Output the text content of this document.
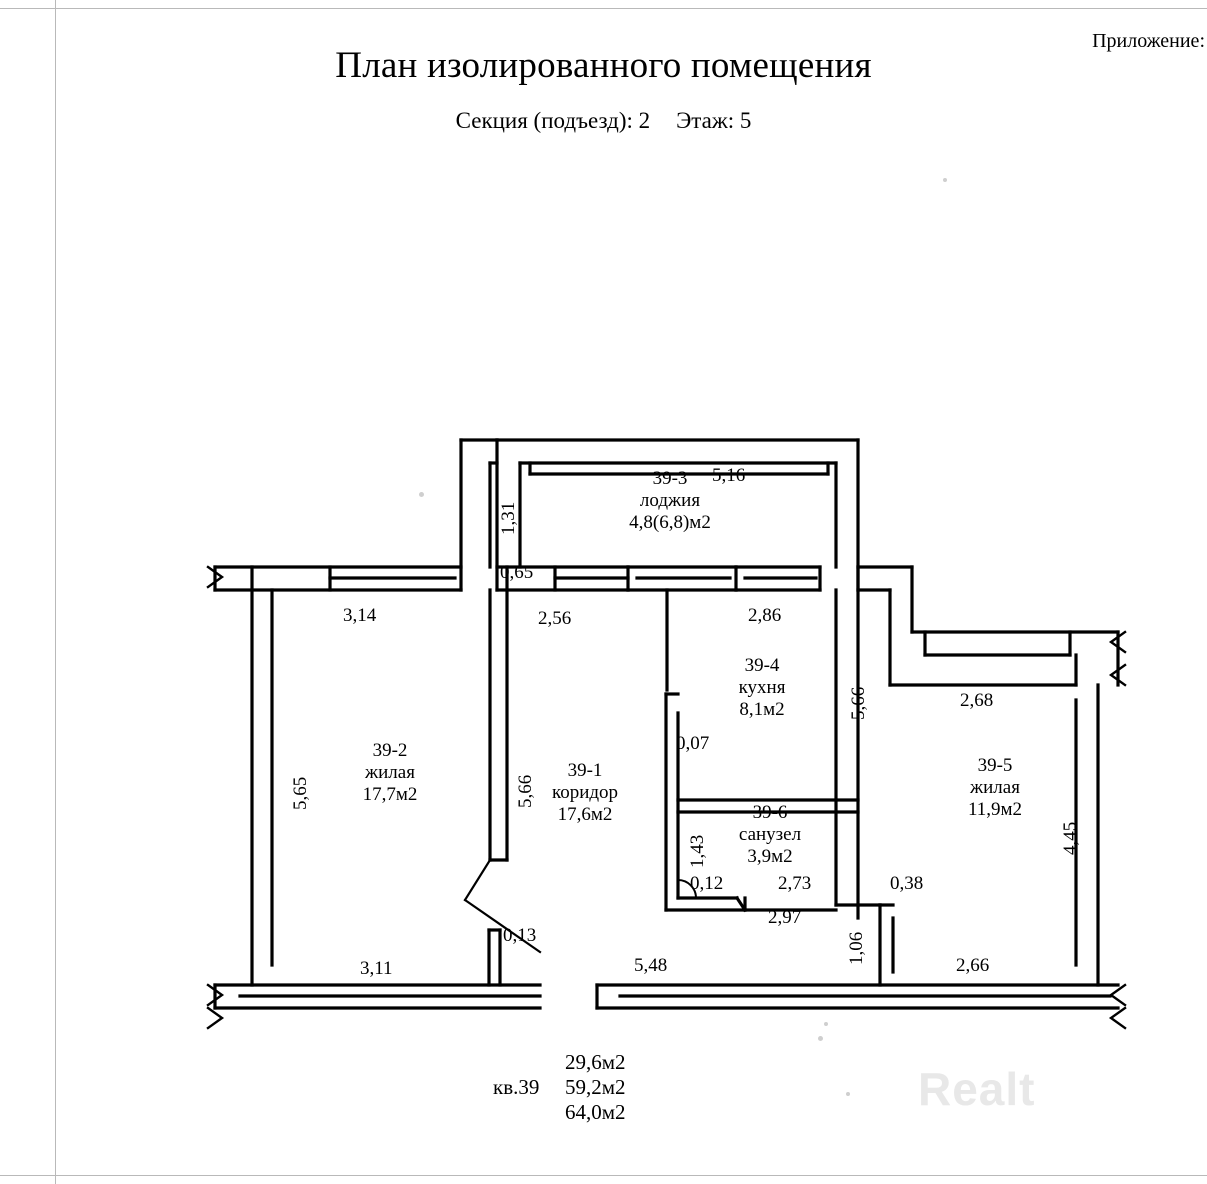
Приложение:
План изолированного помещения
Секция (подъезд): 2 Этаж: 5
39-3
лоджия
4,8(6,8)м2
39-2
жилая
17,7м2
39-1
коридор
17,6м2
39-4
кухня
8,1м2
39-5
жилая
11,9м2
39-6
санузел
3,9м2
5,16
1,31
3,14
0,65
2,56	2,86
5,66
5,65	5,66
2,68
4,45
0,07
1,43
0,12	2,73
2,97
0,38
1,06
0,13
3,11	5,48	2,66
29,6м2
59,2м2
64,0м2
кв.39	Realt
